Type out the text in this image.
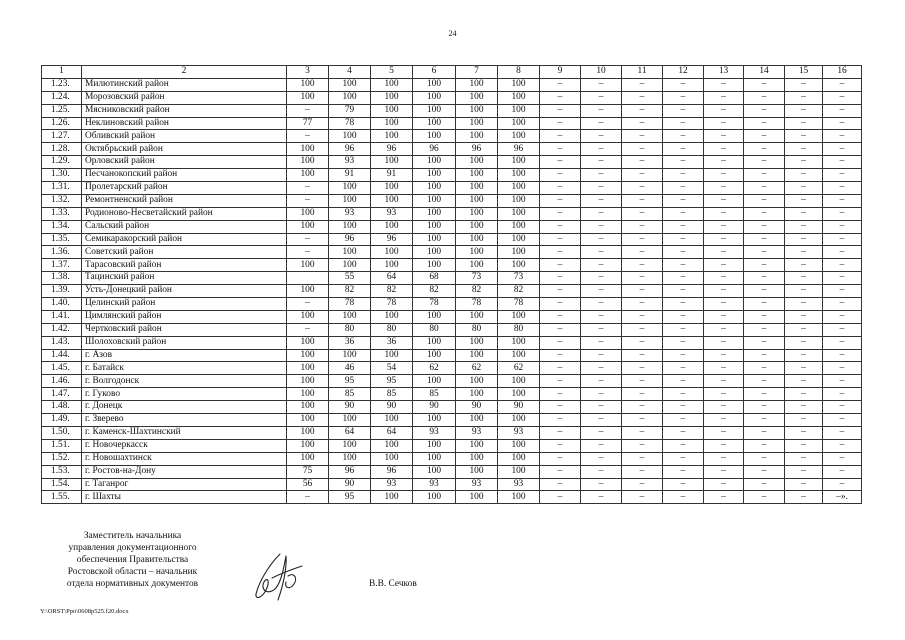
24
1	2	3	4	5	6	7	8	9	10	11	12	13	14	15	16
1.23.	Милютинский район	100	100	100	100	100	100	–	–	–	–	–	–	–	–
1.24.	Морозовский район	100	100	100	100	100	100	–	–	–	–	–	–	–	–
1.25.	Мясниковский район	–	79	100	100	100	100	–	–	–	–	–	–	–	–
1.26.	Неклиновский район	77	78	100	100	100	100	–	–	–	–	–	–	–	–
1.27.	Обливский район	–	100	100	100	100	100	–	–	–	–	–	–	–	–
1.28.	Октябрьский район	100	96	96	96	96	96	–	–	–	–	–	–	–	–
1.29.	Орловский район	100	93	100	100	100	100	–	–	–	–	–	–	–	–
1.30.	Песчанокопский район	100	91	91	100	100	100	–	–	–	–	–	–	–	–
1.31.	Пролетарский район	–	100	100	100	100	100	–	–	–	–	–	–	–	–
1.32.	Ремонтненский район	–	100	100	100	100	100	–	–	–	–	–	–	–	–
1.33.	Родионово-Несветайский район	100	93	93	100	100	100	–	–	–	–	–	–	–	–
1.34.	Сальский район	100	100	100	100	100	100	–	–	–	–	–	–	–	–
1.35.	Семикаракорский район	–	96	96	100	100	100	–	–	–	–	–	–	–	–
1.36.	Советский район	–	100	100	100	100	100	–	–	–	–	–	–	–	–
1.37.	Тарасовский район	100	100	100	100	100	100	–	–	–	–	–	–	–	–
1.38.	Тацинский район		55	64	68	73	73	–	–	–	–	–	–	–	–
1.39.	Усть-Донецкий район	100	82	82	82	82	82	–	–	–	–	–	–	–	–
1.40.	Целинский район	–	78	78	78	78	78	–	–	–	–	–	–	–	–
1.41.	Цимлянский район	100	100	100	100	100	100	–	–	–	–	–	–	–	–
1.42.	Чертковский район	–	80	80	80	80	80	–	–	–	–	–	–	–	–
1.43.	Шолоховский район	100	36	36	100	100	100	–	–	–	–	–	–	–	–
1.44.	г. Азов	100	100	100	100	100	100	–	–	–	–	–	–	–	–
1.45.	г. Батайск	100	46	54	62	62	62	–	–	–	–	–	–	–	–
1.46.	г. Волгодонск	100	95	95	100	100	100	–	–	–	–	–	–	–	–
1.47.	г. Гуково	100	85	85	85	100	100	–	–	–	–	–	–	–	–
1.48.	г. Донецк	100	90	90	90	90	90	–	–	–	–	–	–	–	–
1.49.	г. Зверево	100	100	100	100	100	100	–	–	–	–	–	–	–	–
1.50.	г. Каменск-Шахтинский	100	64	64	93	93	93	–	–	–	–	–	–	–	–
1.51.	г. Новочеркасск	100	100	100	100	100	100	–	–	–	–	–	–	–	–
1.52.	г. Новошахтинск	100	100	100	100	100	100	–	–	–	–	–	–	–	–
1.53.	г. Ростов-на-Дону	75	96	96	100	100	100	–	–	–	–	–	–	–	–
1.54.	г. Таганрог	56	90	93	93	93	93	–	–	–	–	–	–	–	–
1.55.	г. Шахты	–	95	100	100	100	100	–	–	–	–	–	–	–	–».
Заместитель начальника
управления документационного
обеспечения Правительства
Ростовской области – начальник
отдела нормативных документов	В.В. Сечков
Y:\ORST\Ppo\0608p525.f20.docx
